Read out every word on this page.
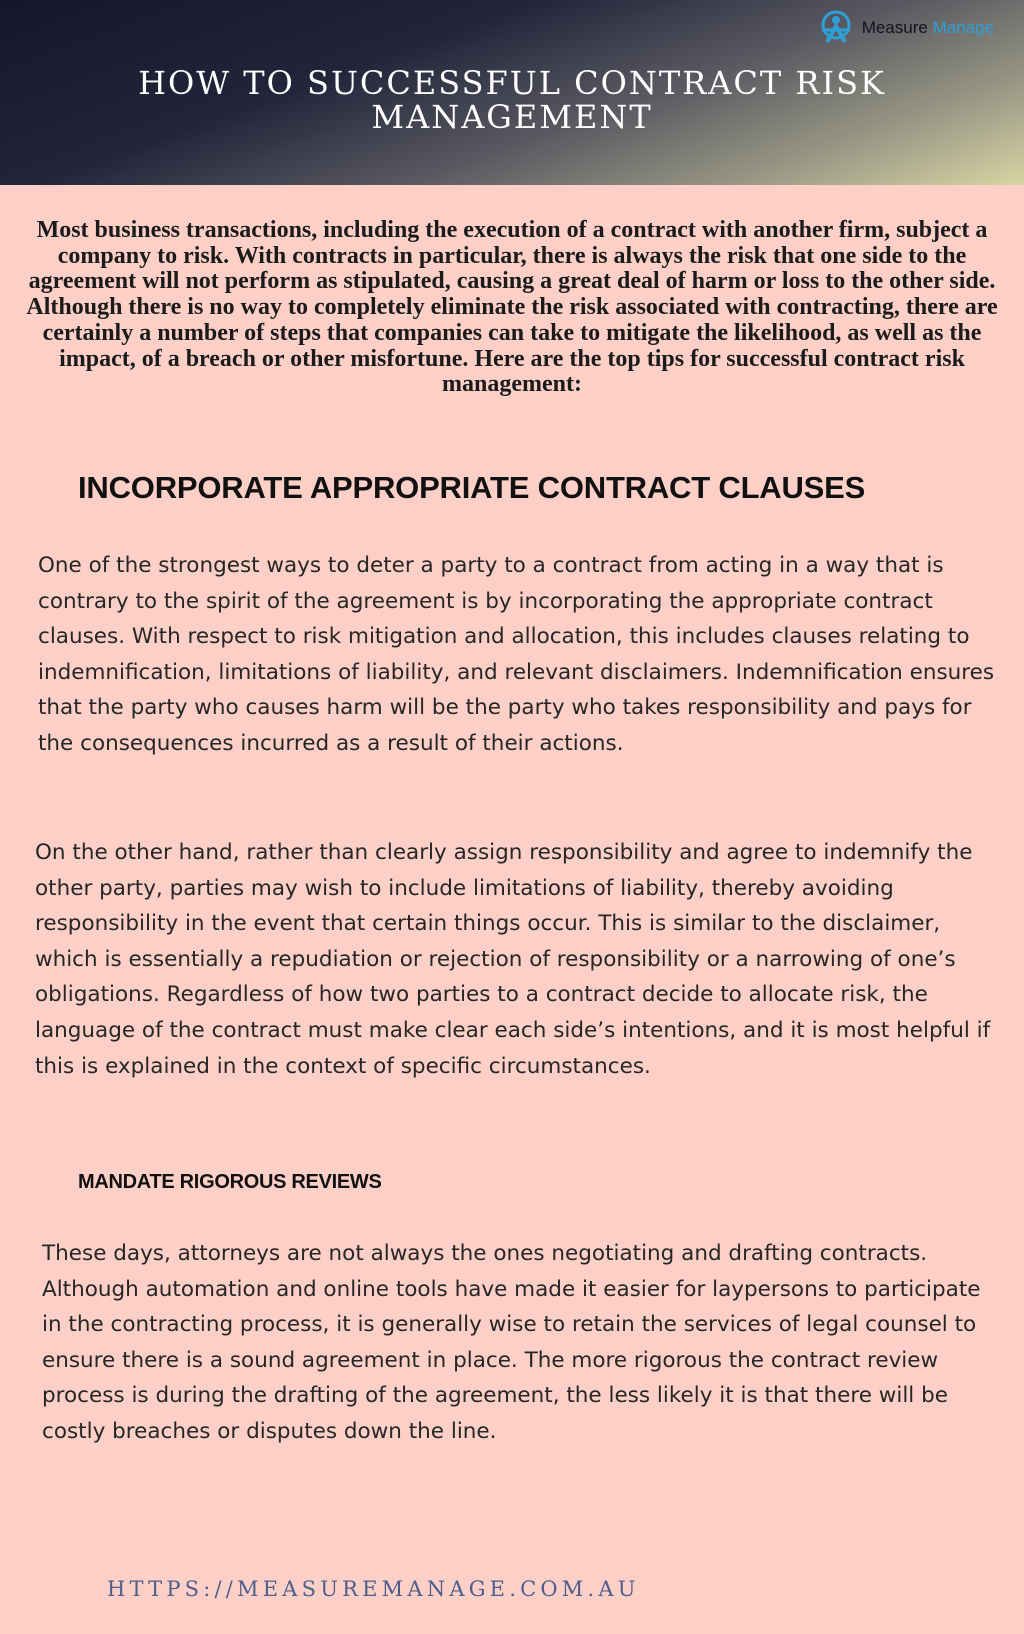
Measure Manage
HOW TO SUCCESSFUL CONTRACT RISK MANAGEMENT

Most business transactions, including the execution of a contract with another firm, subject a company to risk. With contracts in particular, there is always the risk that one side to the agreement will not perform as stipulated, causing a great deal of harm or loss to the other side. Although there is no way to completely eliminate the risk associated with contracting, there are certainly a number of steps that companies can take to mitigate the likelihood, as well as the impact, of a breach or other misfortune. Here are the top tips for successful contract risk management:

INCORPORATE APPROPRIATE CONTRACT CLAUSES

One of the strongest ways to deter a party to a contract from acting in a way that is contrary to the spirit of the agreement is by incorporating the appropriate contract clauses. With respect to risk mitigation and allocation, this includes clauses relating to indemnification, limitations of liability, and relevant disclaimers. Indemnification ensures that the party who causes harm will be the party who takes responsibility and pays for the consequences incurred as a result of their actions.

On the other hand, rather than clearly assign responsibility and agree to indemnify the other party, parties may wish to include limitations of liability, thereby avoiding responsibility in the event that certain things occur. This is similar to the disclaimer, which is essentially a repudiation or rejection of responsibility or a narrowing of one’s obligations. Regardless of how two parties to a contract decide to allocate risk, the language of the contract must make clear each side’s intentions, and it is most helpful if this is explained in the context of specific circumstances.

MANDATE RIGOROUS REVIEWS

These days, attorneys are not always the ones negotiating and drafting contracts. Although automation and online tools have made it easier for laypersons to participate in the contracting process, it is generally wise to retain the services of legal counsel to ensure there is a sound agreement in place. The more rigorous the contract review process is during the drafting of the agreement, the less likely it is that there will be costly breaches or disputes down the line.

HTTPS://MEASUREMANAGE.COM.AU
